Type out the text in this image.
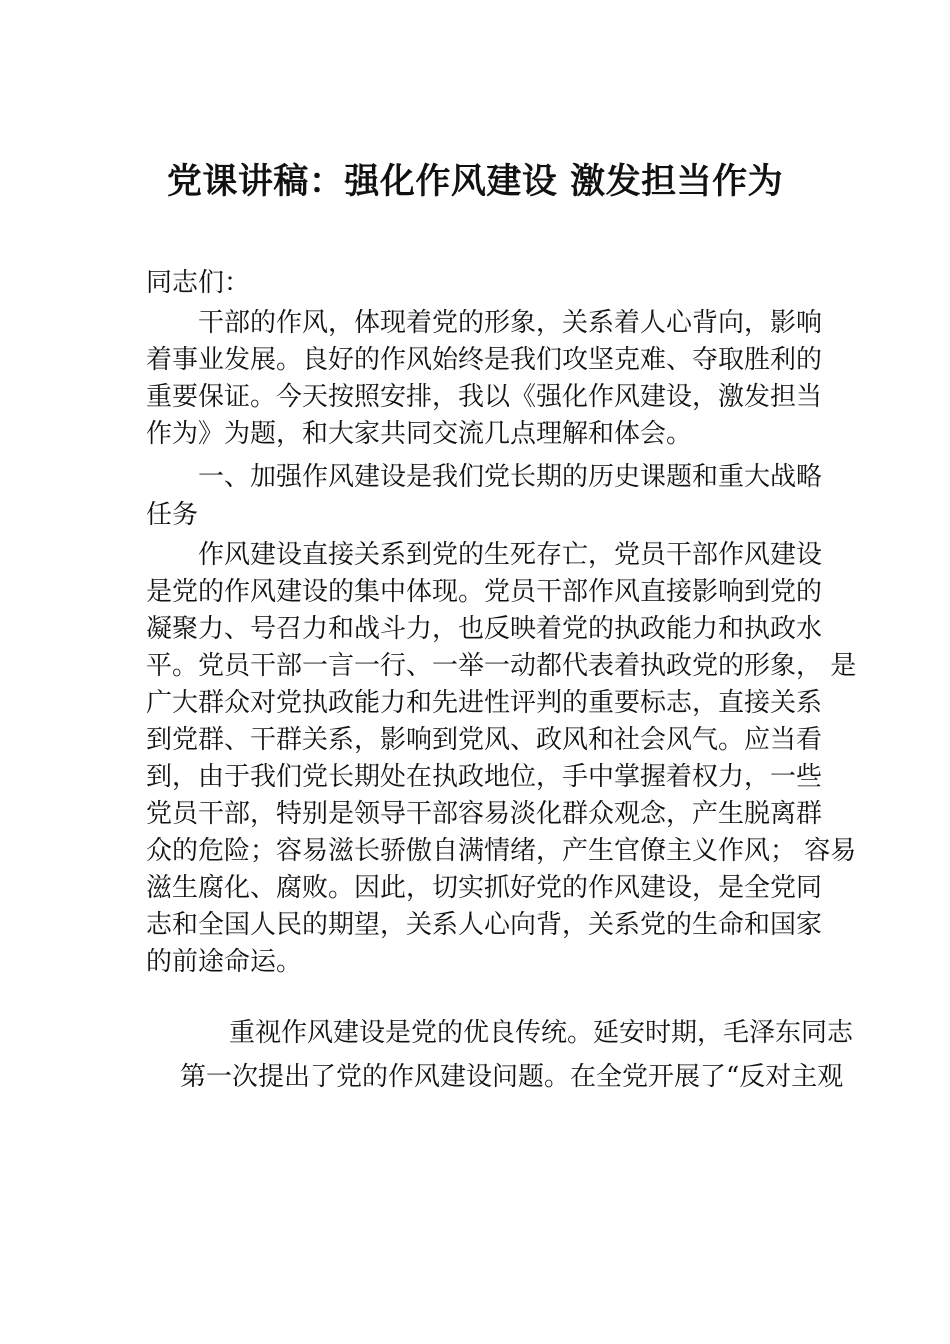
党课讲稿：强化作风建设 激发担当作为

同志们：

干部的作风，体现着党的形象，关系着人心背向，影响

着事业发展。良好的作风始终是我们攻坚克难、夺取胜利的

重要保证。今天按照安排，我以《强化作风建设，激发担当

作为》为题，和大家共同交流几点理解和体会。

一、加强作风建设是我们党长期的历史课题和重大战略

任务

作风建设直接关系到党的生死存亡，党员干部作风建设

是党的作风建设的集中体现。党员干部作风直接影响到党的

凝聚力、号召力和战斗力，也反映着党的执政能力和执政水

平。党员干部一言一行、一举一动都代表着执政党的形象， 是

广大群众对党执政能力和先进性评判的重要标志，直接关系

到党群、干群关系，影响到党风、政风和社会风气。应当看

到，由于我们党长期处在执政地位，手中掌握着权力，一些

党员干部，特别是领导干部容易淡化群众观念，产生脱离群

众的危险；容易滋长骄傲自满情绪，产生官僚主义作风； 容易

滋生腐化、腐败。因此，切实抓好党的作风建设，是全党同

志和全国人民的期望，关系人心向背，关系党的生命和国家

的前途命运。

重视作风建设是党的优良传统。延安时期，毛泽东同志

第一次提出了党的作风建设问题。在全党开展了“反对主观
